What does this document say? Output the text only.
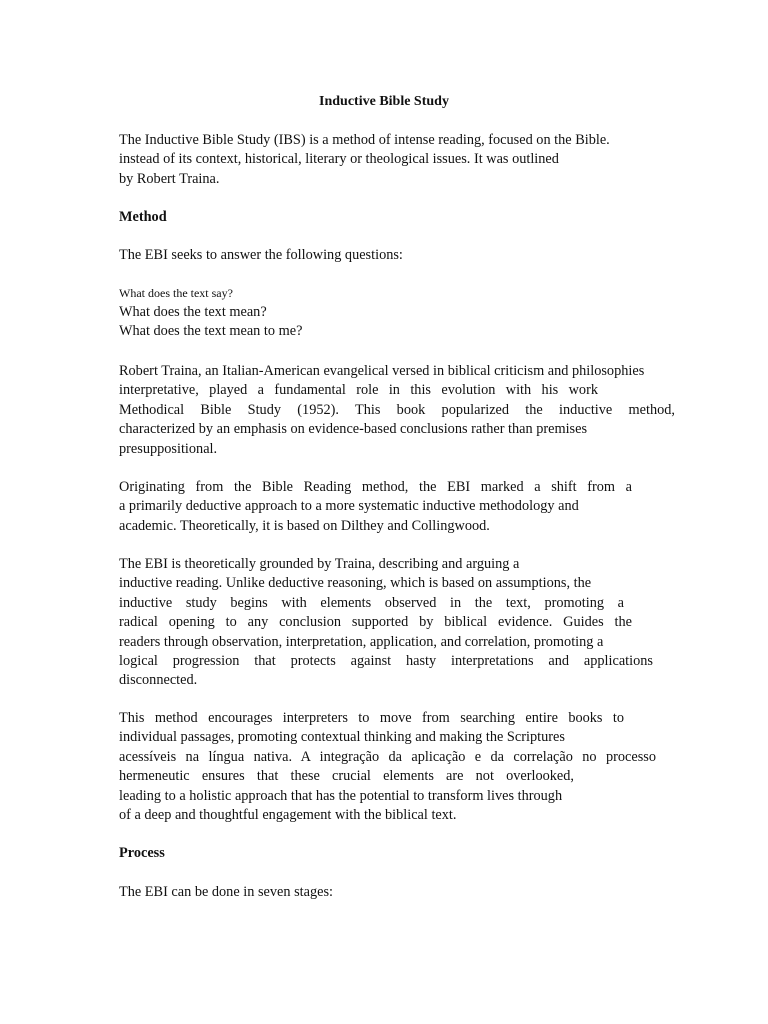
Inductive Bible Study
The Inductive Bible Study (IBS) is a method of intense reading, focused on the Bible.
instead of its context, historical, literary or theological issues. It was outlined
by Robert Traina.
Method

The EBI seeks to answer the following questions:

What does the text say?

What does the text mean?
What does the text mean to me?
Robert Traina, an Italian-American evangelical versed in biblical criticism and philosophies
interpretative, played a fundamental role in this evolution with his work
Methodical Bible Study (1952). This book popularized the inductive method,
characterized by an emphasis on evidence-based conclusions rather than premises
presuppositional.
Originating from the Bible Reading method, the EBI marked a shift from a
a primarily deductive approach to a more systematic inductive methodology and
academic. Theoretically, it is based on Dilthey and Collingwood.
The EBI is theoretically grounded by Traina, describing and arguing a
inductive reading. Unlike deductive reasoning, which is based on assumptions, the
inductive study begins with elements observed in the text, promoting a
radical opening to any conclusion supported by biblical evidence. Guides the
readers through observation, interpretation, application, and correlation, promoting a
logical progression that protects against hasty interpretations and applications
disconnected.
This method encourages interpreters to move from searching entire books to
individual passages, promoting contextual thinking and making the Scriptures
acessíveis na língua nativa. A integração da aplicação e da correlação no processo
hermeneutic ensures that these crucial elements are not overlooked,
leading to a holistic approach that has the potential to transform lives through
of a deep and thoughtful engagement with the biblical text.
Process

The EBI can be done in seven stages:
